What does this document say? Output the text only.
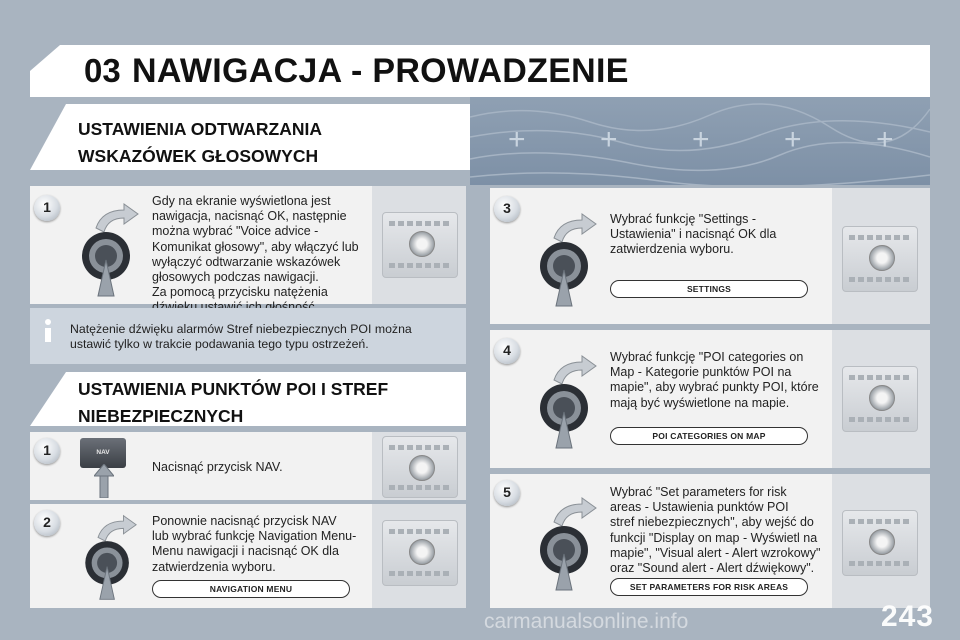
03 NAWIGACJA - PROWADZENIE
+ + + + +
USTAWIENIA ODTWARZANIA
WSKAZÓWEK GŁOSOWYCH
1	Gdy na ekranie wyświetlona jest
nawigacja, nacisnąć OK, następnie
można wybrać "Voice advice -
Komunikat głosowy", aby włączyć lub
wyłączyć odtwarzanie wskazówek
głosowych podczas nawigacji.
Za pomocą przycisku natężenia
Natężenie dźwięku alarmów Stref niebezpiecznych POI można
ustawić tylko w trakcie podawania tego typu ostrzeżeń.
USTAWIENIA PUNKTÓW POI I STREF
NIEBEZPIECZNYCH
1	NAV
Nacisnąć przycisk NAV.
2	Ponownie nacisnąć przycisk NAV
lub wybrać funkcję Navigation Menu-
Menu nawigacji i nacisnąć OK dla
zatwierdzenia wyboru.
NAVIGATION MENU
3
Wybrać funkcję "Settings -
Ustawienia" i nacisnąć OK dla
zatwierdzenia wyboru.
SETTINGS
4	Wybrać funkcję "POI categories on
Map - Kategorie punktów POI na
mapie", aby wybrać punkty POI, które
mają być wyświetlone na mapie.
POI CATEGORIES ON MAP
5	Wybrać "Set parameters for risk
areas - Ustawienia punktów POI
stref niebezpiecznych", aby wejść do
funkcji "Display on map - Wyświetl na
mapie", "Visual alert - Alert wzrokowy"
oraz "Sound alert - Alert dźwiękowy".
SET PARAMETERS FOR RISK AREAS
243
carmanualsonline.info
